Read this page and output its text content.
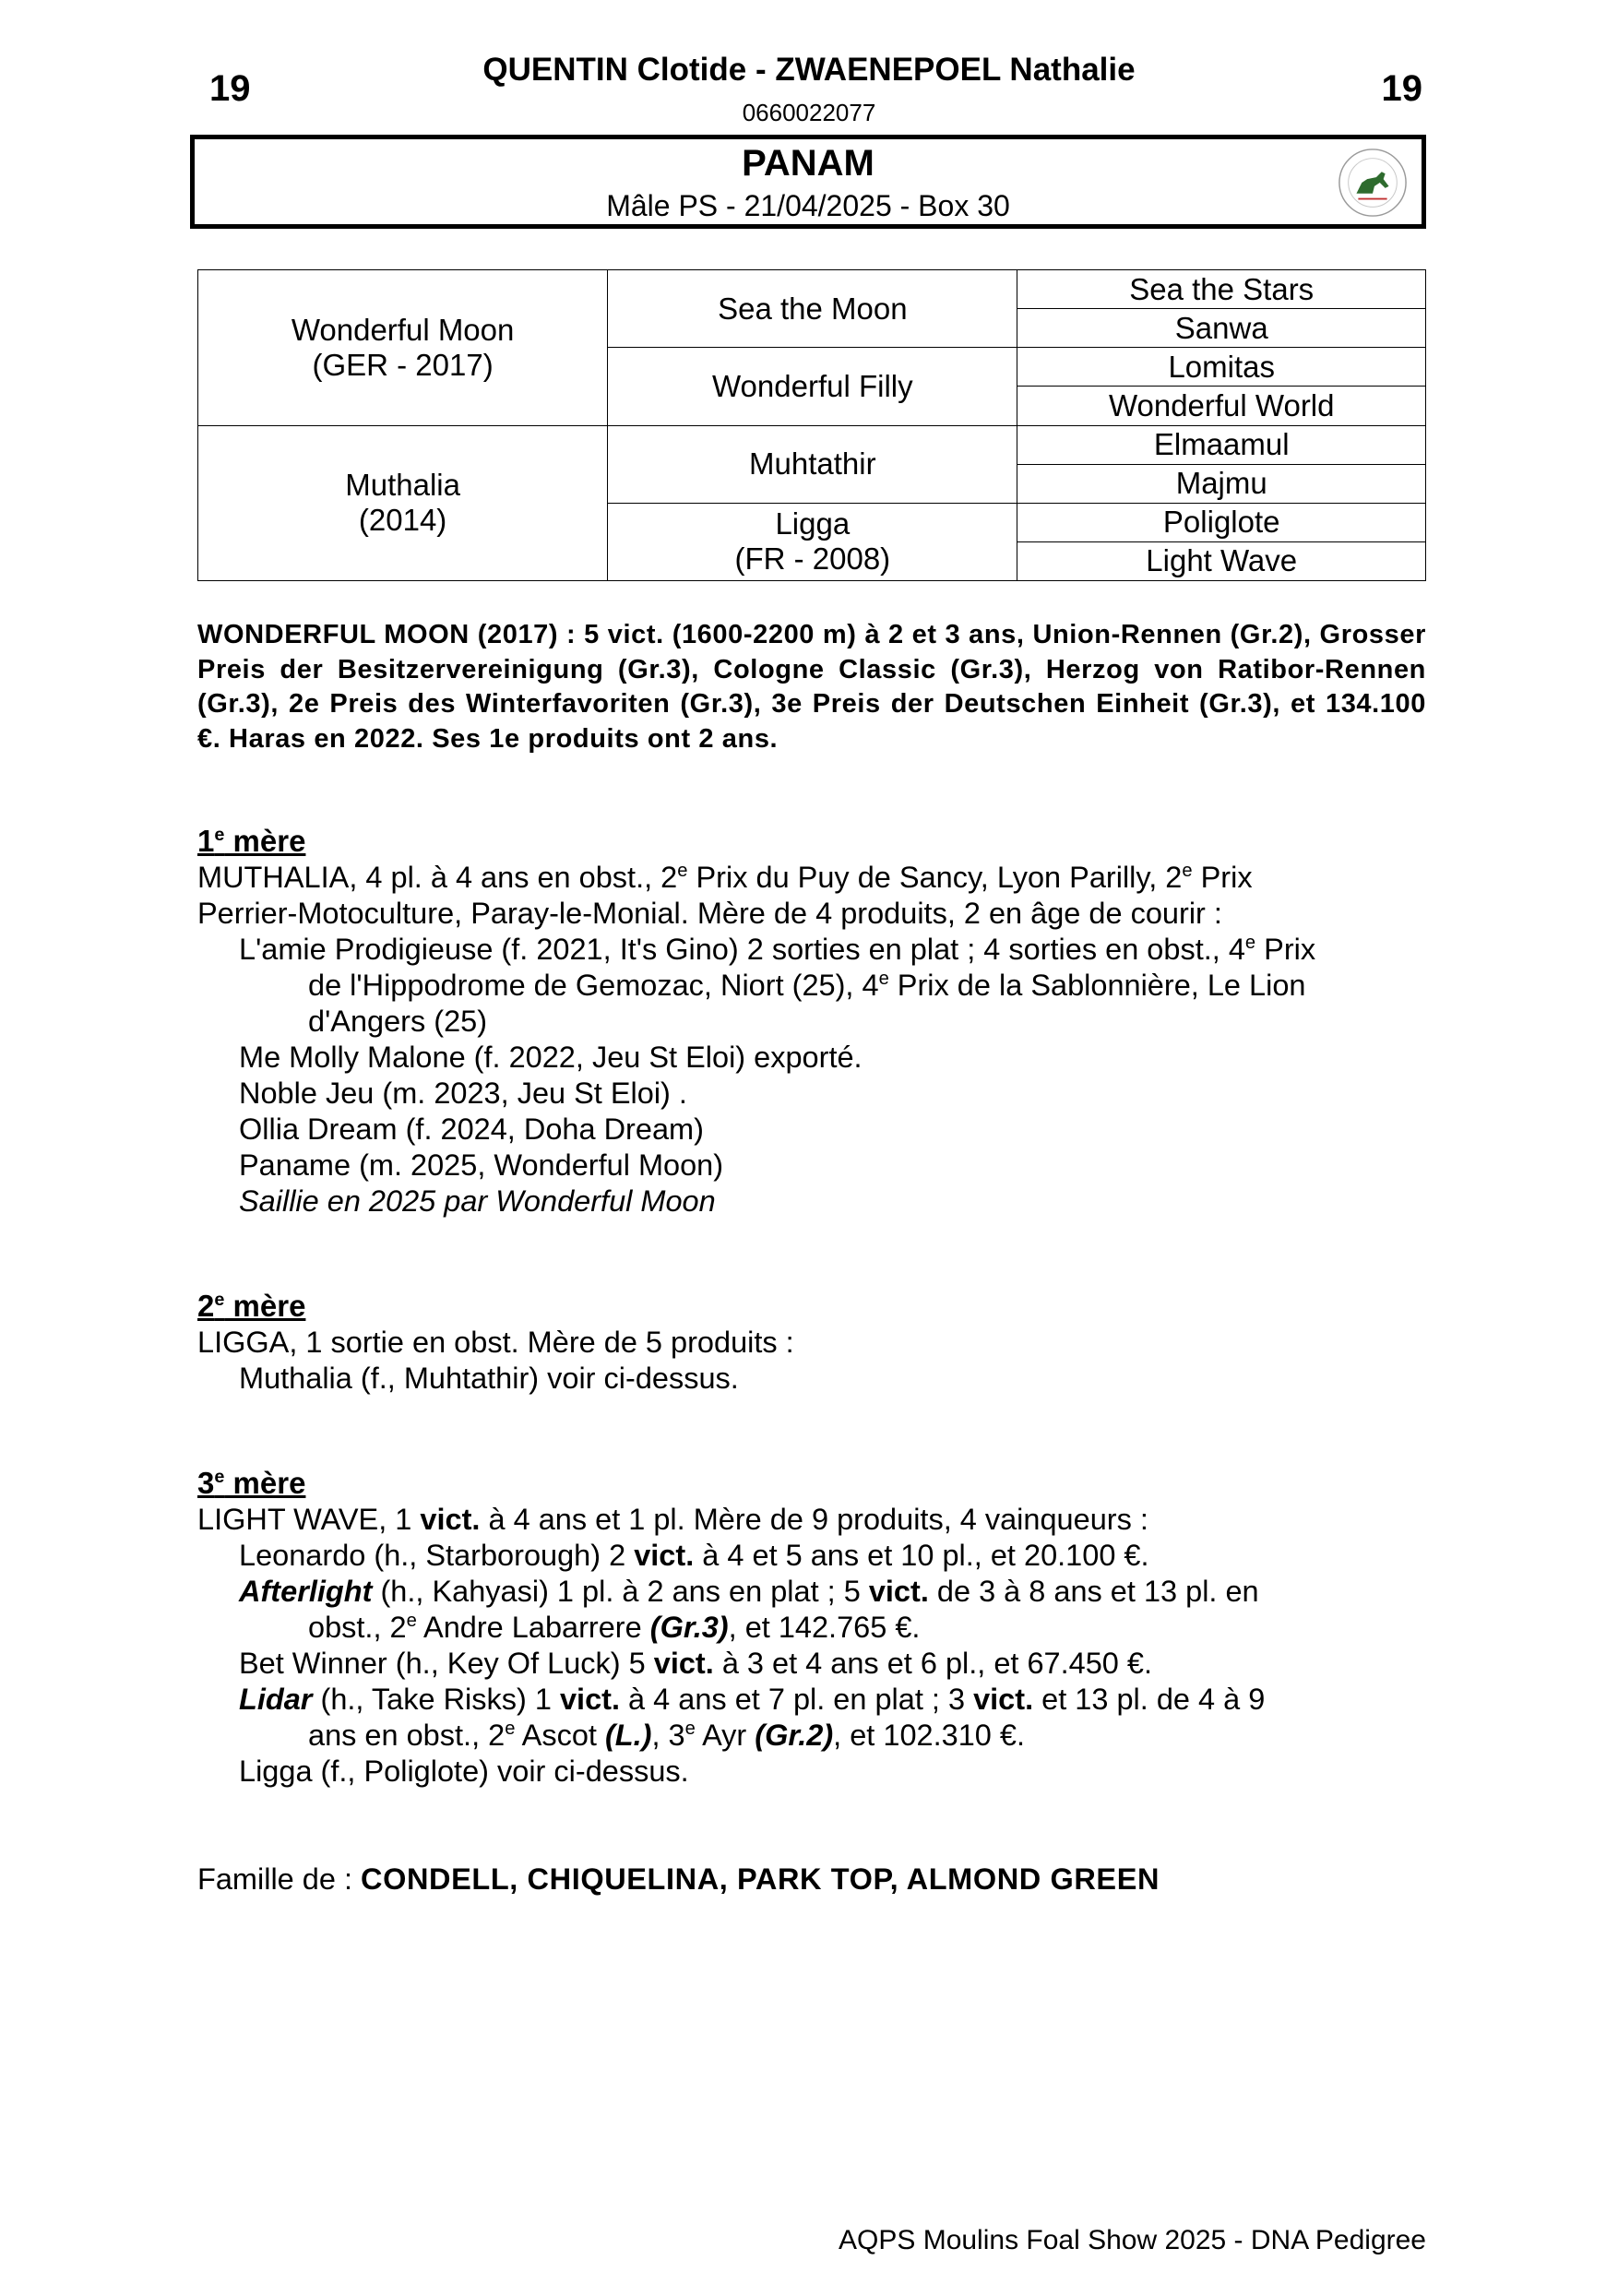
19	QUENTIN Clotide - ZWAENEPOEL Nathalie
0660022077
19
PANAM
Mâle PS - 21/04/2025 - Box 30
Wonderful Moon
(GER - 2017)	Sea the Moon	Sea the Stars
		Sanwa
	Wonderful Filly	Lomitas
		Wonderful World

Muthalia
(2014)	Muhtathir	Elmaamul
		Majmu

	Ligga
(FR - 2008)	Poliglote
		Light Wave
WONDERFUL MOON (2017) : 5 vict. (1600-2200 m) à 2 et 3 ans, Union-Rennen (Gr.2), Grosser Preis der Besitzervereinigung (Gr.3), Cologne Classic (Gr.3), Herzog von Ratibor-Rennen (Gr.3), 2e Preis des Winterfavoriten (Gr.3), 3e Preis der Deutschen Einheit (Gr.3), et 134.100 €. Haras en 2022. Ses 1e produits ont 2 ans.
1e mère
MUTHALIA, 4 pl. à 4 ans en obst., 2e Prix du Puy de Sancy, Lyon Parilly, 2e Prix
Perrier-Motoculture, Paray-le-Monial. Mère de 4 produits, 2 en âge de courir :
L'amie Prodigieuse (f. 2021, It's Gino) 2 sorties en plat ; 4 sorties en obst., 4e Prix
de l'Hippodrome de Gemozac, Niort (25), 4e Prix de la Sablonnière, Le Lion
d'Angers (25)
Me Molly Malone (f. 2022, Jeu St Eloi) exporté.
Noble Jeu (m. 2023, Jeu St Eloi) .
Ollia Dream (f. 2024, Doha Dream)
Paname (m. 2025, Wonderful Moon)
Saillie en 2025 par Wonderful Moon
2e mère
LIGGA, 1 sortie en obst. Mère de 5 produits :
Muthalia (f., Muhtathir) voir ci-dessus.
3e mère
LIGHT WAVE, 1 vict. à 4 ans et 1 pl. Mère de 9 produits, 4 vainqueurs :
Leonardo (h., Starborough) 2 vict. à 4 et 5 ans et 10 pl., et 20.100 €.
Afterlight (h., Kahyasi) 1 pl. à 2 ans en plat ; 5 vict. de 3 à 8 ans et 13 pl. en
obst., 2e Andre Labarrere (Gr.3), et 142.765 €.
Bet Winner (h., Key Of Luck) 5 vict. à 3 et 4 ans et 6 pl., et 67.450 €.
Lidar (h., Take Risks) 1 vict. à 4 ans et 7 pl. en plat ; 3 vict. et 13 pl. de 4 à 9
ans en obst., 2e Ascot (L.), 3e Ayr (Gr.2), et 102.310 €.
Ligga (f., Poliglote) voir ci-dessus.
Famille de : CONDELL, CHIQUELINA, PARK TOP, ALMOND GREEN
AQPS Moulins Foal Show 2025 - DNA Pedigree
